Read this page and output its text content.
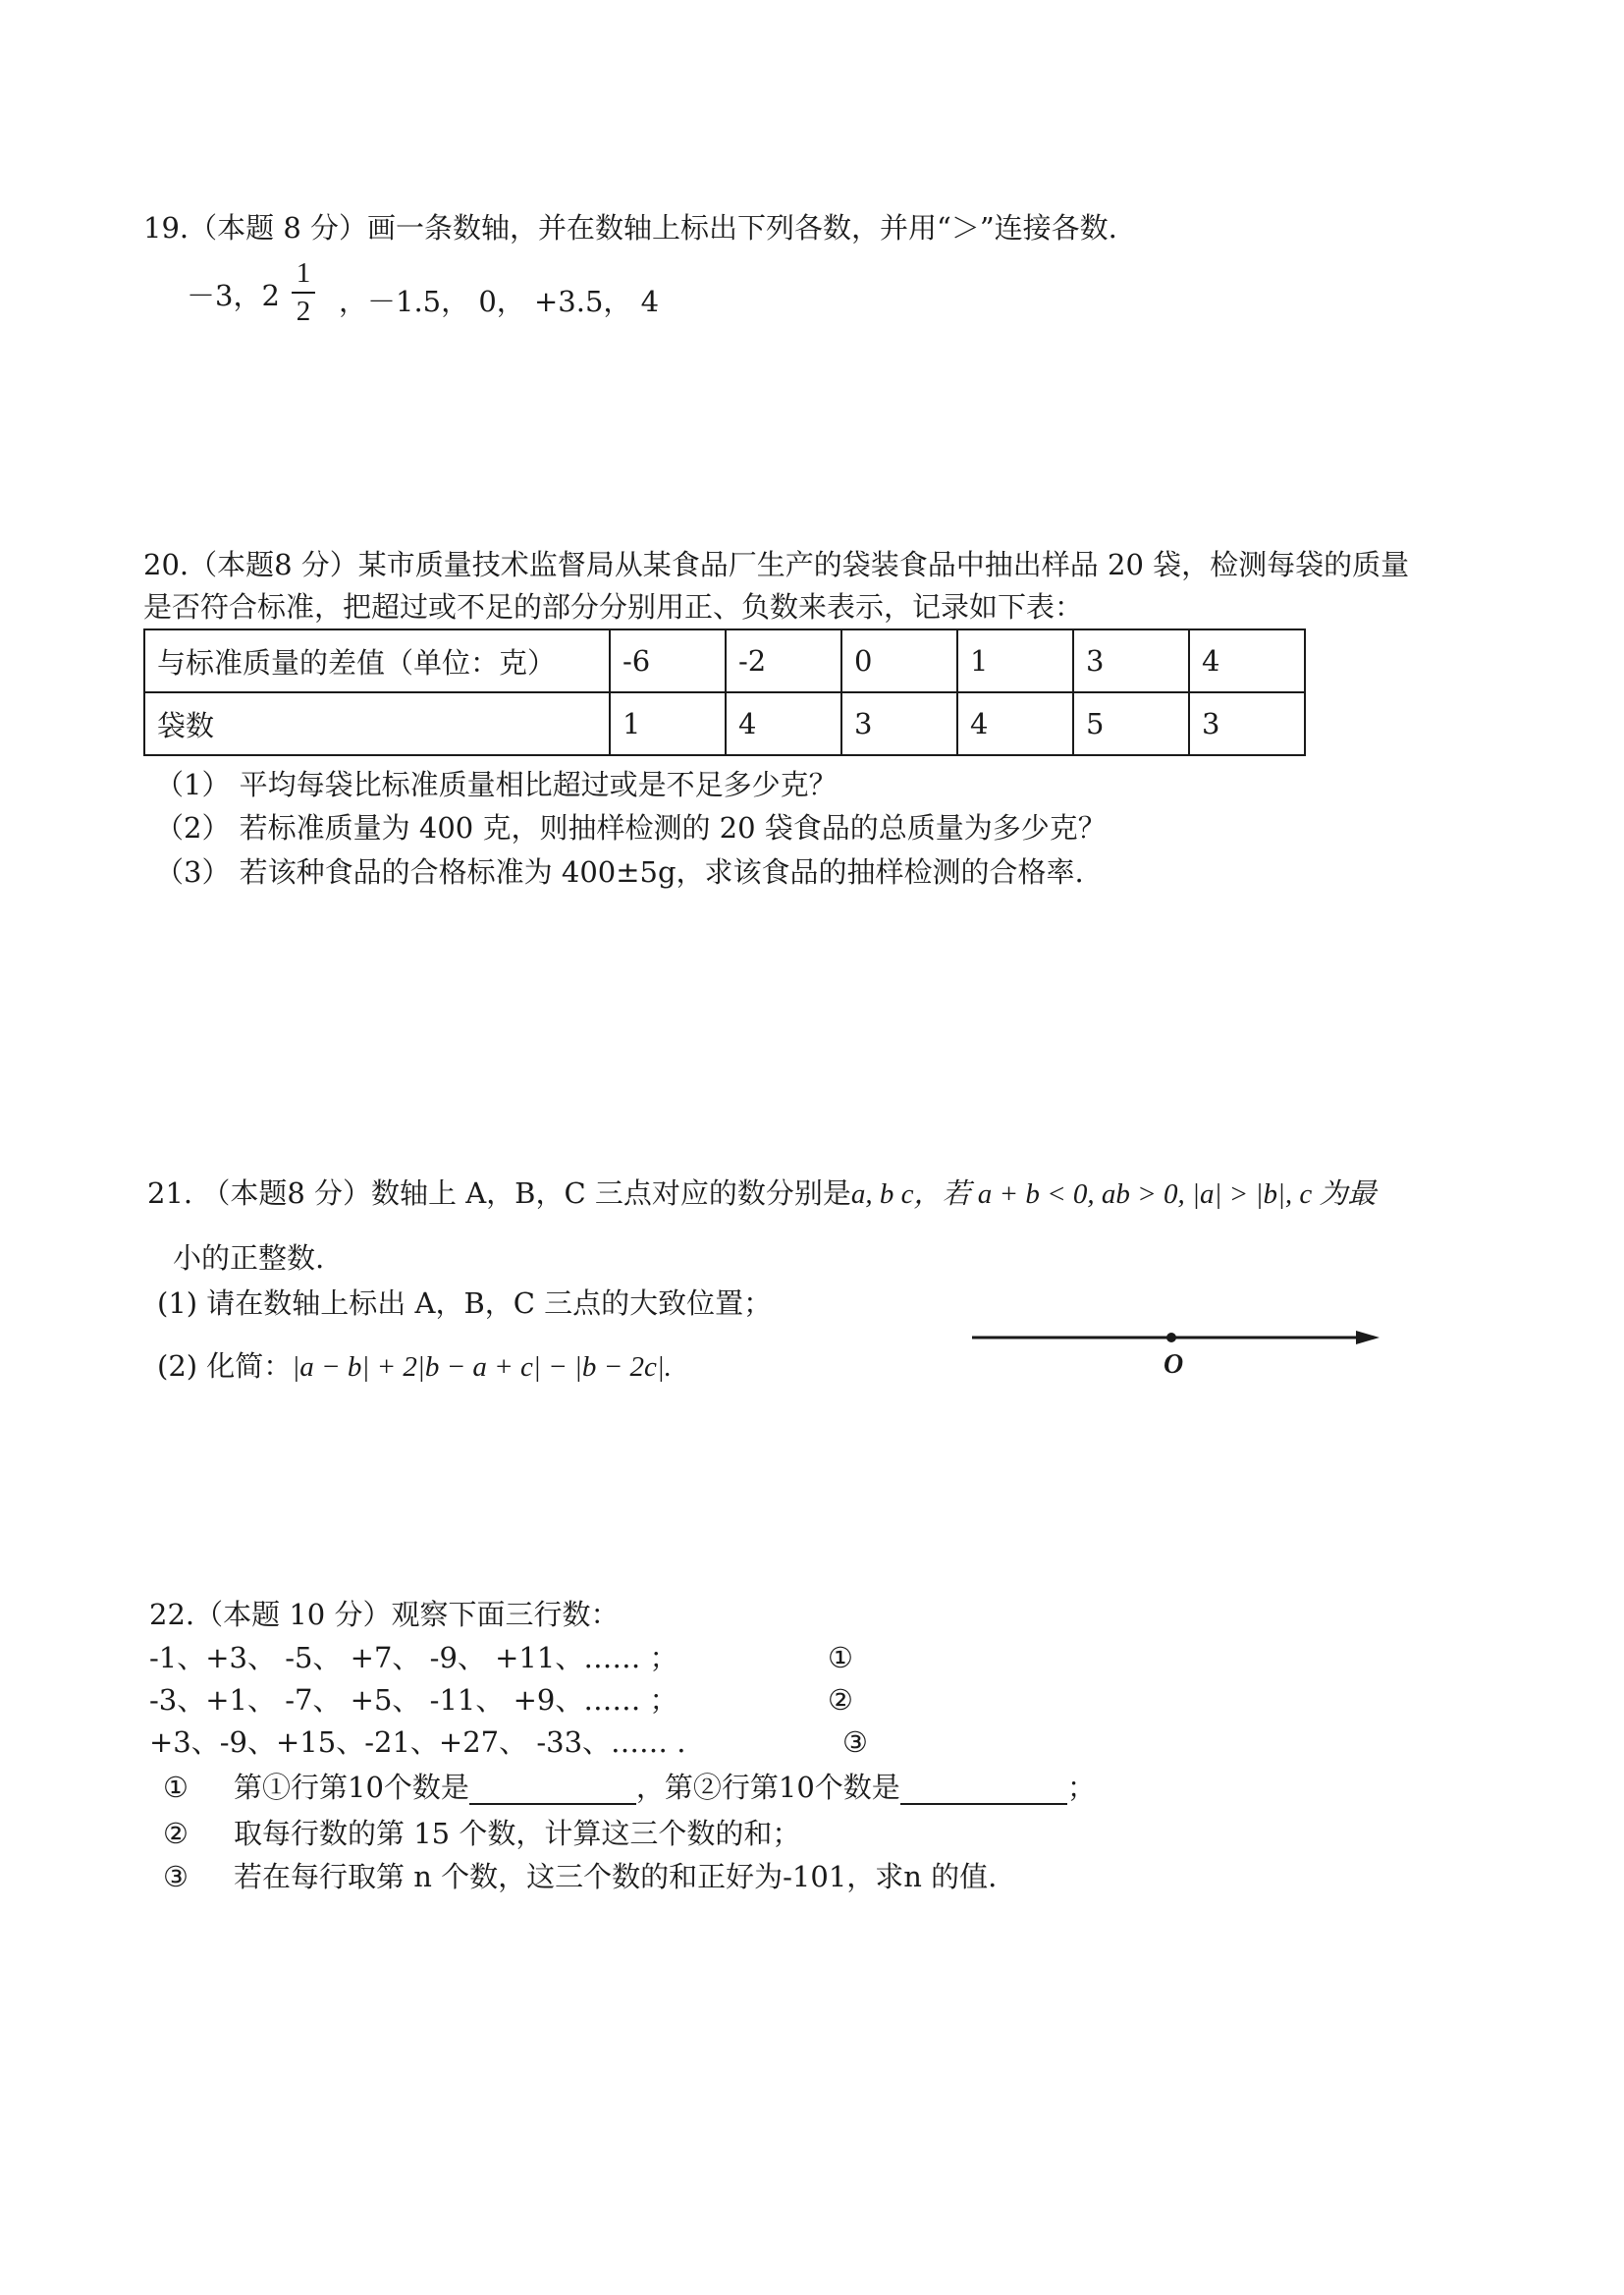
19.（本题 8 分）画一条数轴，并在数轴上标出下列各数，并用“＞”连接各数.
－3，2
1
2 ，－1.5， 0， +3.5， 4
20.（本题8 分）某市质量技术监督局从某食品厂生产的袋装食品中抽出样品 20 袋，检测每袋的质量
是否符合标准，把超过或不足的部分分别用正、负数来表示，记录如下表：
与标准质量的差值（单位：克）	-6	-2	0	1	3	4
袋数	1	4	3	4	5	3
（1） 平均每袋比标准质量相比超过或是不足多少克？
（2） 若标准质量为 400 克，则抽样检测的 20 袋食品的总质量为多少克？
（3） 若该种食品的合格标准为 400±5g，求该食品的抽样检测的合格率.
21. （本题8 分）数轴上 A，B，C 三点对应的数分别是a, b c，若 a + b < 0, ab > 0, |a| > |b|, c 为最
小的正整数.
(1) 请在数轴上标出 A，B，C 三点的大致位置；
(2) 化简：|a − b| + 2|b − a + c| − |b − 2c|.	O
22.（本题 10 分）观察下面三行数：
-1、+3、 -5、 +7、 -9、 +11、…… ；	①
-3、+1、 -7、 +5、 -11、 +9、…… ；	②
+3、-9、+15、-21、+27、 -33、…… .	③
① 第①行第10个数是	，第②行第10个数是	；
② 取每行数的第 15 个数，计算这三个数的和；
③ 若在每行取第 n 个数，这三个数的和正好为-101，求n 的值.
